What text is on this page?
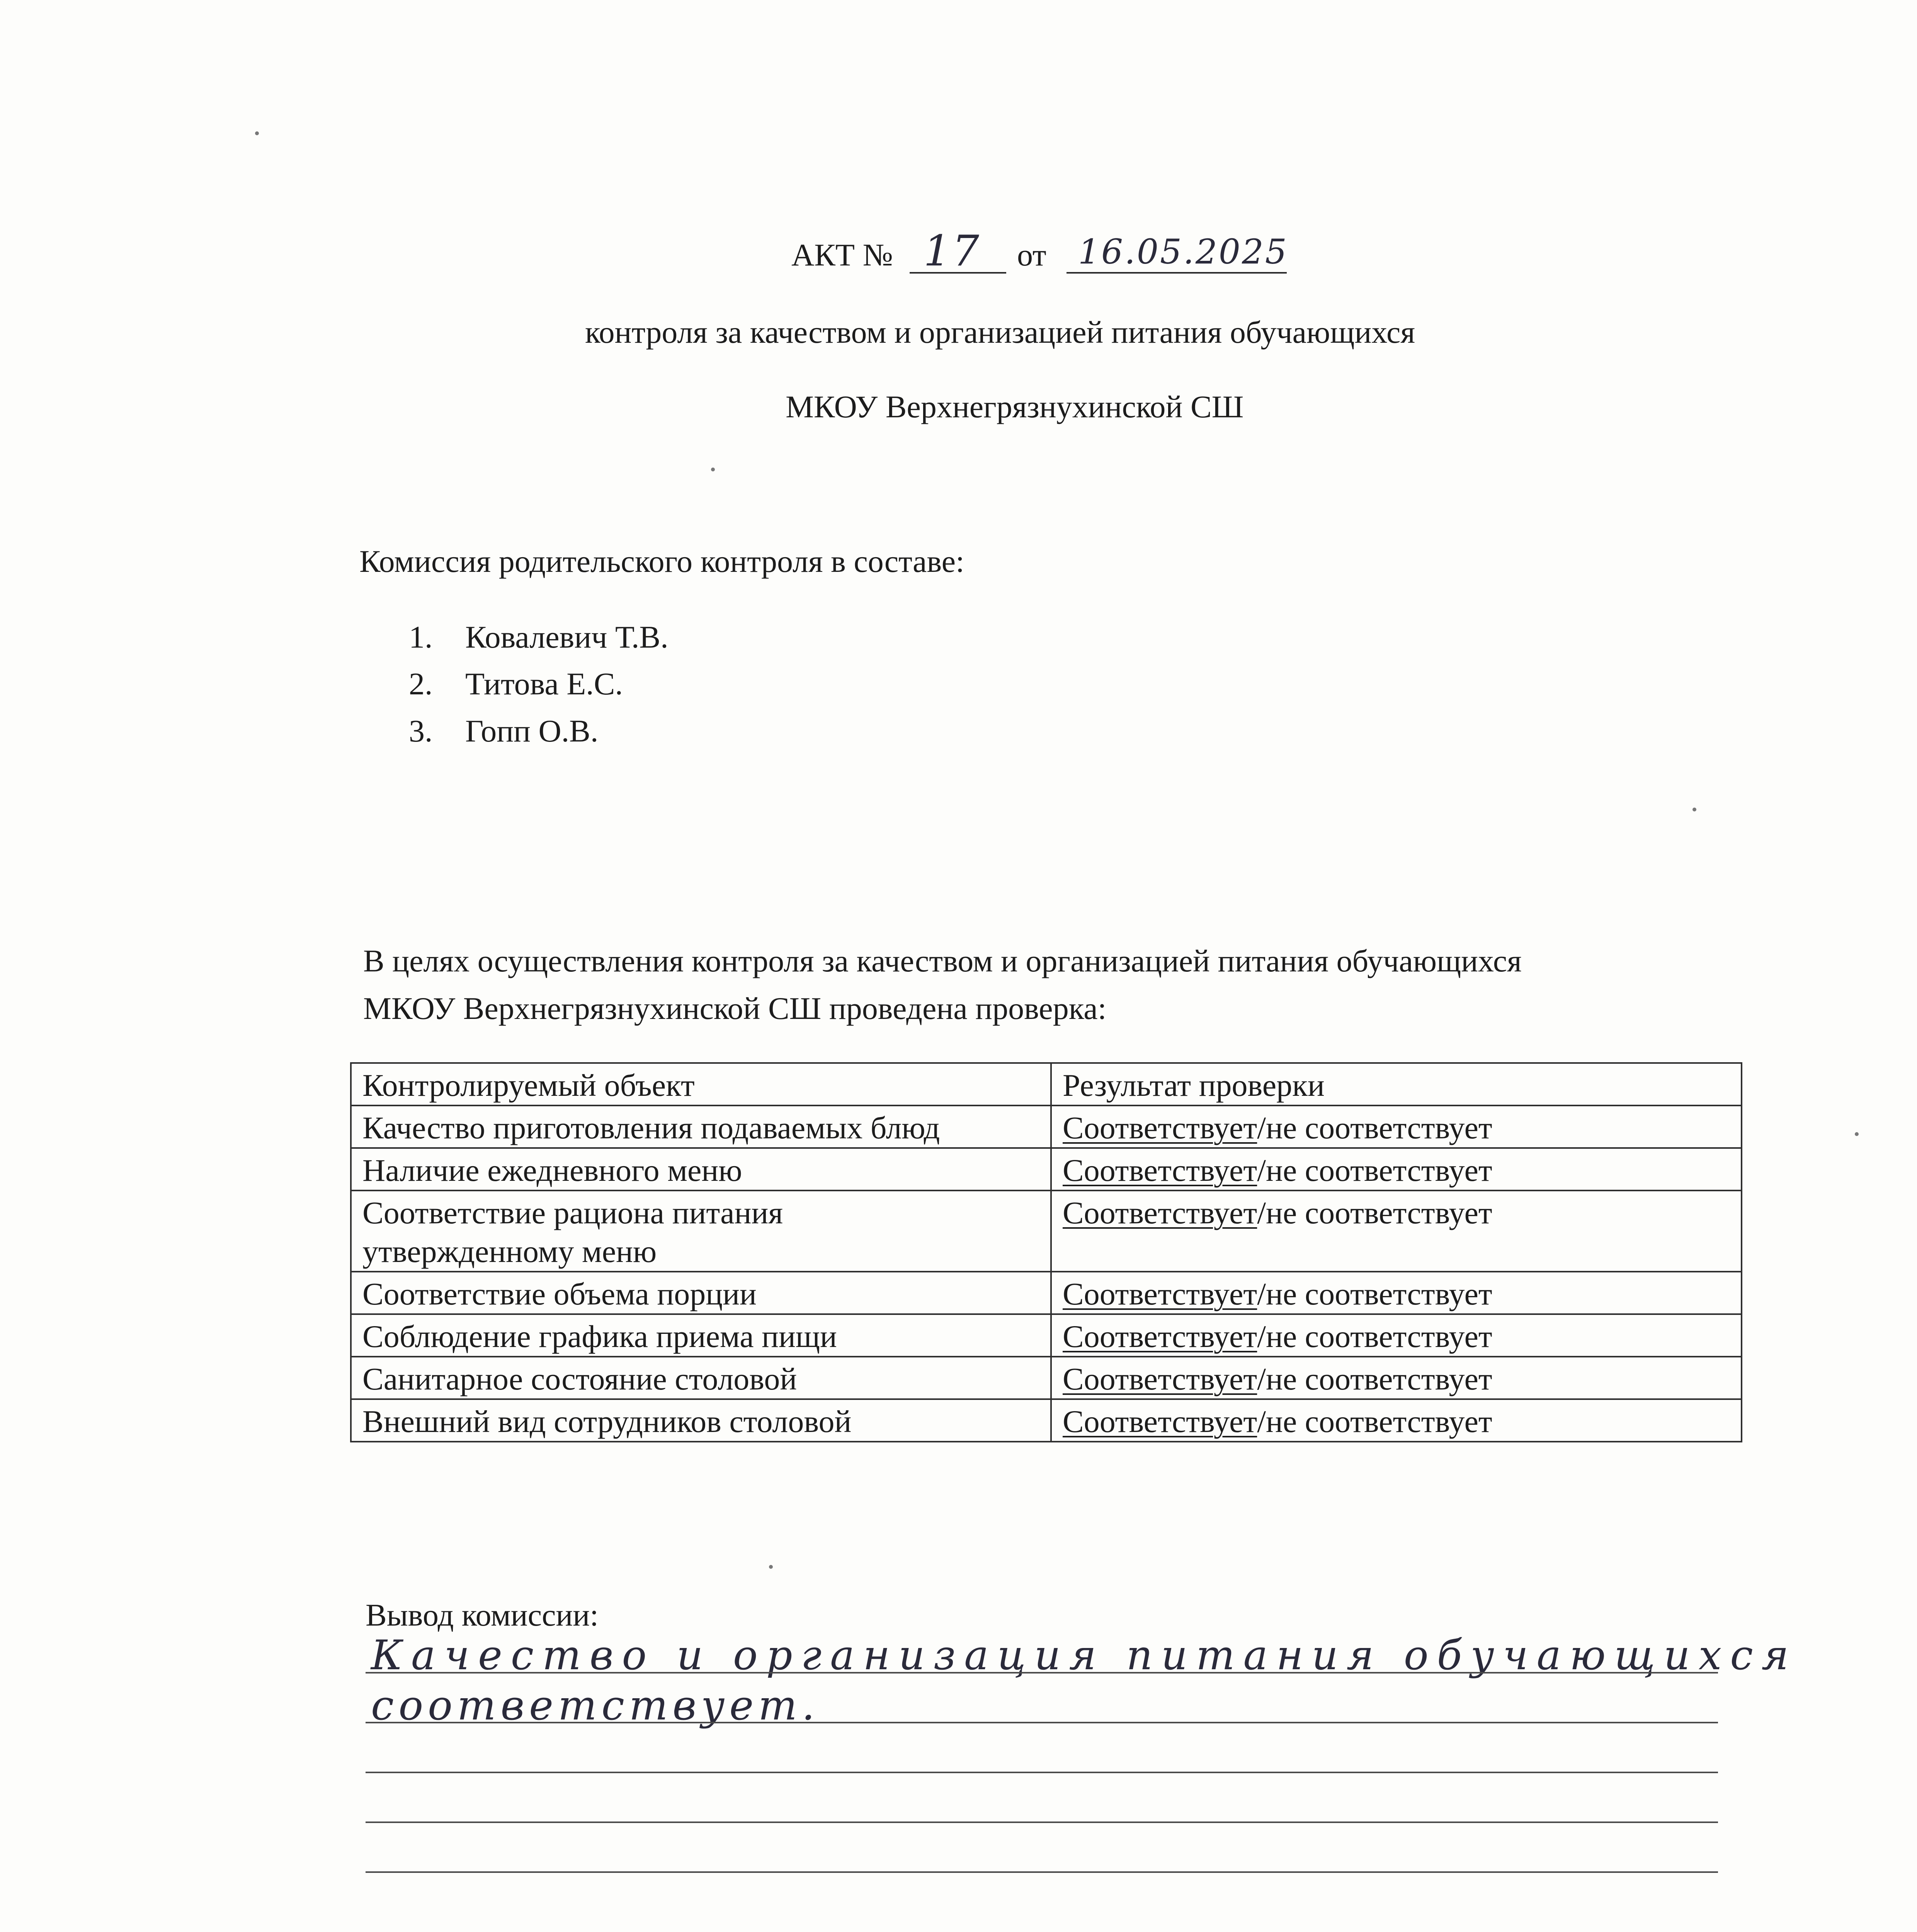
АКТ № 17 от 16.05.2025
контроля за качеством и организацией питания обучающихся
МКОУ Верхнегрязнухинской СШ
Комиссия родительского контроля в составе:
1. Ковалевич Т.В.
2. Титова Е.С.
3. Гопп О.В.
В целях осуществления контроля за качеством и организацией питания обучающихся
МКОУ Верхнегрязнухинской СШ проведена проверка:
Контролируемый объект	Результат проверки
Качество приготовления подаваемых блюд	Соответствует/не соответствует
Наличие ежедневного меню	Соответствует/не соответствует
Соответствие рациона питания
утвержденному меню	Соответствует/не соответствует
Соответствие объема порции	Соответствует/не соответствует
Соблюдение графика приема пищи	Соответствует/не соответствует
Санитарное состояние столовой	Соответствует/не соответствует
Внешний вид сотрудников столовой	Соответствует/не соответствует
Вывод комиссии:
Качество и организация питания обучающихся
соответствует.
